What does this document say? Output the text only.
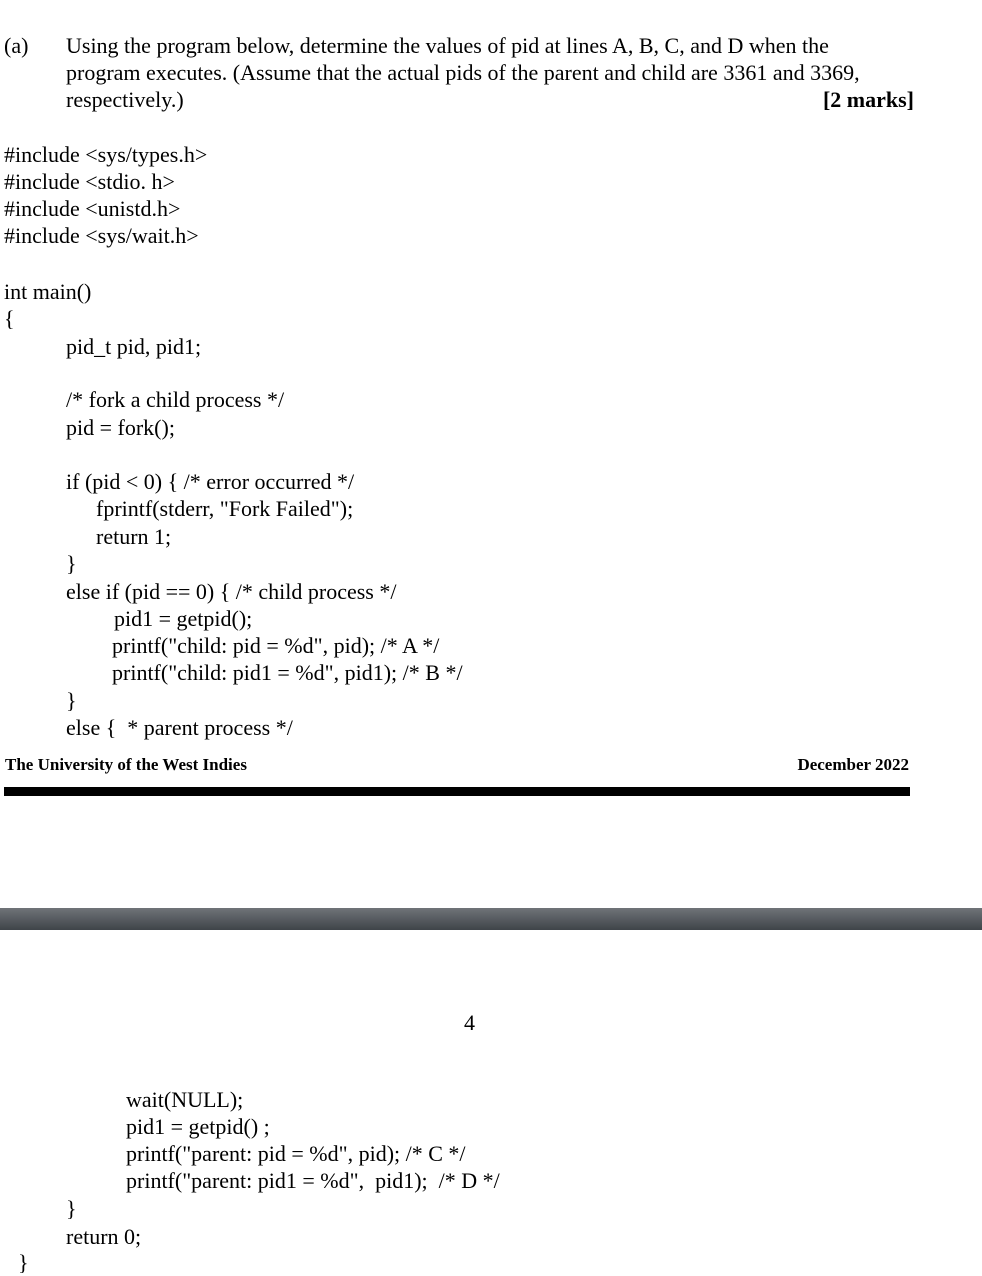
(a) Using the program below, determine the values of pid at lines A, B, C, and D when the
program executes. (Assume that the actual pids of the parent and child are 3361 and 3369,
respectively.)	[2 marks]
#include <sys/types.h>
#include <stdio. h>
#include <unistd.h>
#include <sys/wait.h>
int main()
{
pid_t pid, pid1;
/* fork a child process */
pid = fork();
if (pid < 0) { /* error occurred */
fprintf(stderr, "Fork Failed");
return 1;
}
else if (pid == 0) { /* child process */
pid1 = getpid();
printf("child: pid = %d", pid); /* A */
printf("child: pid1 = %d", pid1); /* B */
}
else {  * parent process */
The University of the West Indies	December 2022
4
wait(NULL);
pid1 = getpid() ;
printf("parent: pid = %d", pid); /* C */
printf("parent: pid1 = %d",  pid1);  /* D */
}
return 0;
}
